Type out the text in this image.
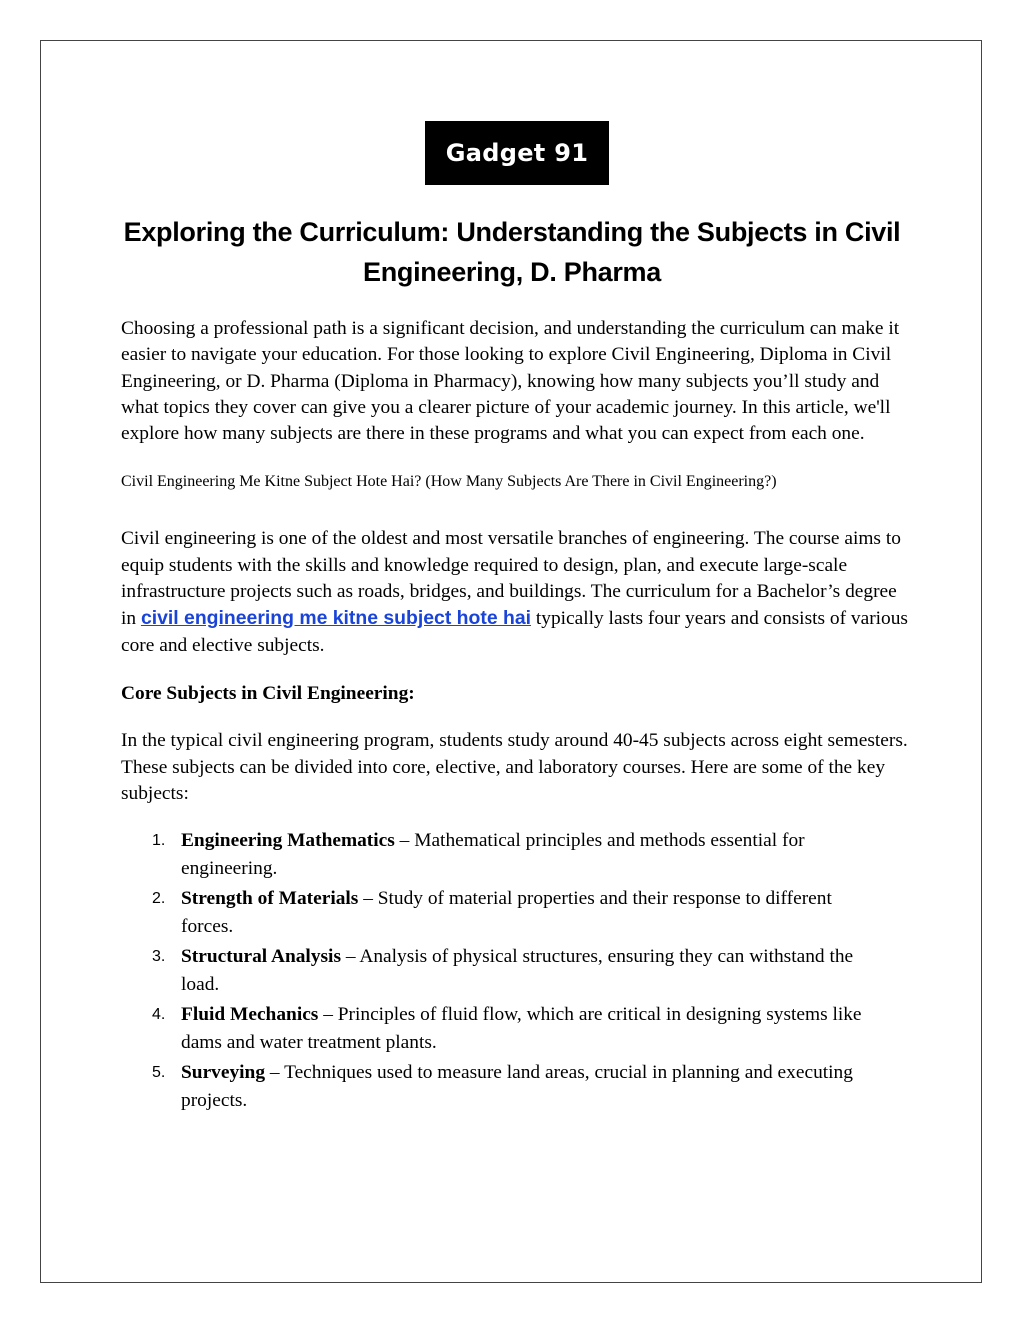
Gadget 91
Exploring the Curriculum: Understanding the Subjects in Civil Engineering, D. Pharma

Choosing a professional path is a significant decision, and understanding the curriculum can make it easier to navigate your education. For those looking to explore Civil Engineering, Diploma in Civil Engineering, or D. Pharma (Diploma in Pharmacy), knowing how many subjects you’ll study and what topics they cover can give you a clearer picture of your academic journey. In this article, we'll explore how many subjects are there in these programs and what you can expect from each one.

Civil Engineering Me Kitne Subject Hote Hai? (How Many Subjects Are There in Civil Engineering?)

Civil engineering is one of the oldest and most versatile branches of engineering. The course aims to equip students with the skills and knowledge required to design, plan, and execute large-scale infrastructure projects such as roads, bridges, and buildings. The curriculum for a Bachelor’s degree in civil engineering me kitne subject hote hai typically lasts four years and consists of various core and elective subjects.

Core Subjects in Civil Engineering:

In the typical civil engineering program, students study around 40-45 subjects across eight semesters. These subjects can be divided into core, elective, and laboratory courses. Here are some of the key subjects:

1. Engineering Mathematics – Mathematical principles and methods essential for engineering.
2. Strength of Materials – Study of material properties and their response to different forces.
3. Structural Analysis – Analysis of physical structures, ensuring they can withstand the load.
4. Fluid Mechanics – Principles of fluid flow, which are critical in designing systems like dams and water treatment plants.
5. Surveying – Techniques used to measure land areas, crucial in planning and executing projects.
